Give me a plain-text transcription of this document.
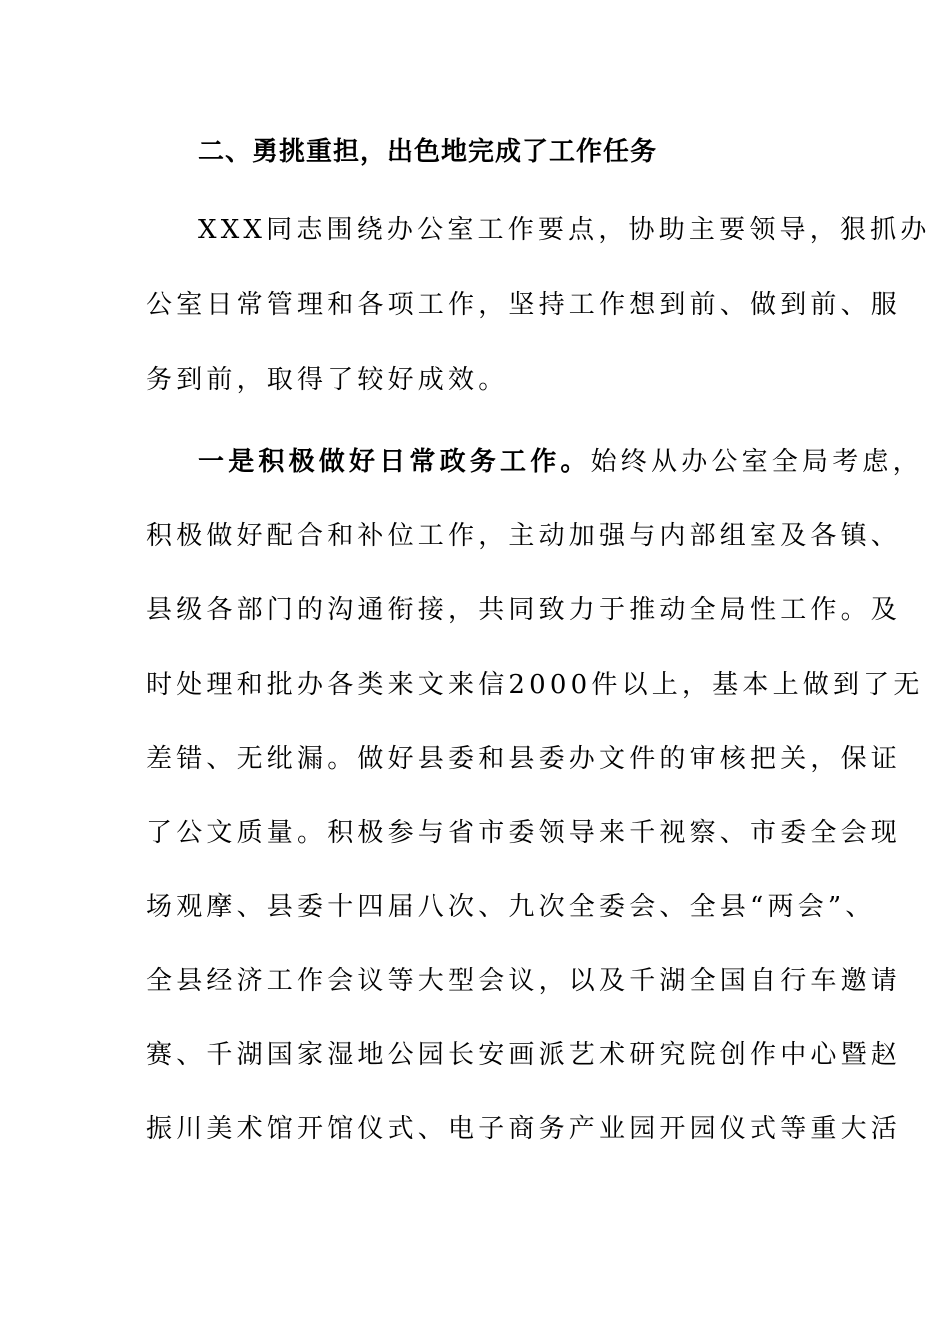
二、勇挑重担，出色地完成了工作任务
XXX同志围绕办公室工作要点，协助主要领导，狠抓办
公室日常管理和各项工作，坚持工作想到前、做到前、服
务到前，取得了较好成效。
一是积极做好日常政务工作。始终从办公室全局考虑，
积极做好配合和补位工作，主动加强与内部组室及各镇、
县级各部门的沟通衔接，共同致力于推动全局性工作。及
时处理和批办各类来文来信2000件以上，基本上做到了无
差错、无纰漏。做好县委和县委办文件的审核把关，保证
了公文质量。积极参与省市委领导来千视察、市委全会现
场观摩、县委十四届八次、九次全委会、全县“两会”、
全县经济工作会议等大型会议，以及千湖全国自行车邀请
赛、千湖国家湿地公园长安画派艺术研究院创作中心暨赵
振川美术馆开馆仪式、电子商务产业园开园仪式等重大活
